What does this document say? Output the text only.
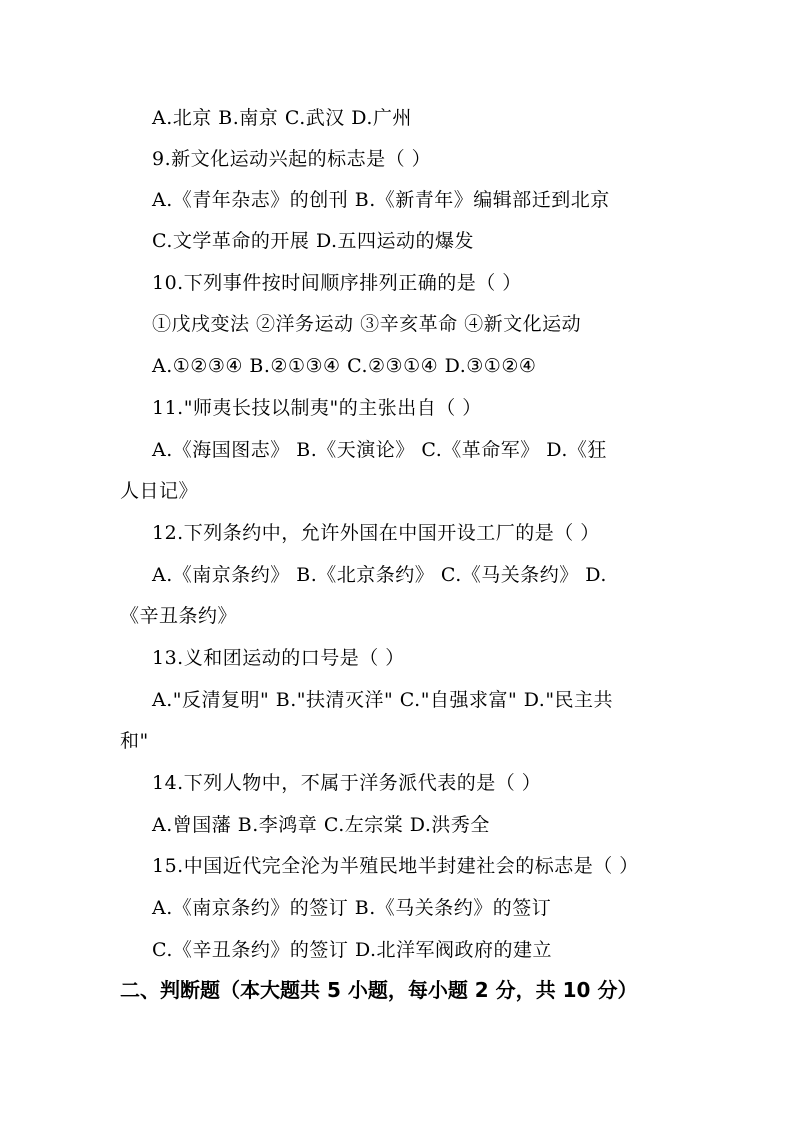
A.北京 B.南京 C.武汉 D.广州
9.新文化运动兴起的标志是（ ）
A.《青年杂志》的创刊 B.《新青年》编辑部迁到北京
C.文学革命的开展 D.五四运动的爆发
10.下列事件按时间顺序排列正确的是（ ）
①戊戌变法 ②洋务运动 ③辛亥革命 ④新文化运动
A.①②③④ B.②①③④ C.②③①④ D.③①②④
11."师夷长技以制夷"的主张出自（ ）
A.《海国图志》 B.《天演论》 C.《革命军》 D.《狂
人日记》
12.下列条约中，允许外国在中国开设工厂的是（ ）
A.《南京条约》 B.《北京条约》 C.《马关条约》 D.
《辛丑条约》
13.义和团运动的口号是（ ）
A."反清复明" B."扶清灭洋" C."自强求富" D."民主共
和"
14.下列人物中，不属于洋务派代表的是（ ）
A.曾国藩 B.李鸿章 C.左宗棠 D.洪秀全
15.中国近代完全沦为半殖民地半封建社会的标志是（ ）
A.《南京条约》的签订 B.《马关条约》的签订
C.《辛丑条约》的签订 D.北洋军阀政府的建立
二、判断题（本大题共 5 小题，每小题 2 分，共 10 分）
